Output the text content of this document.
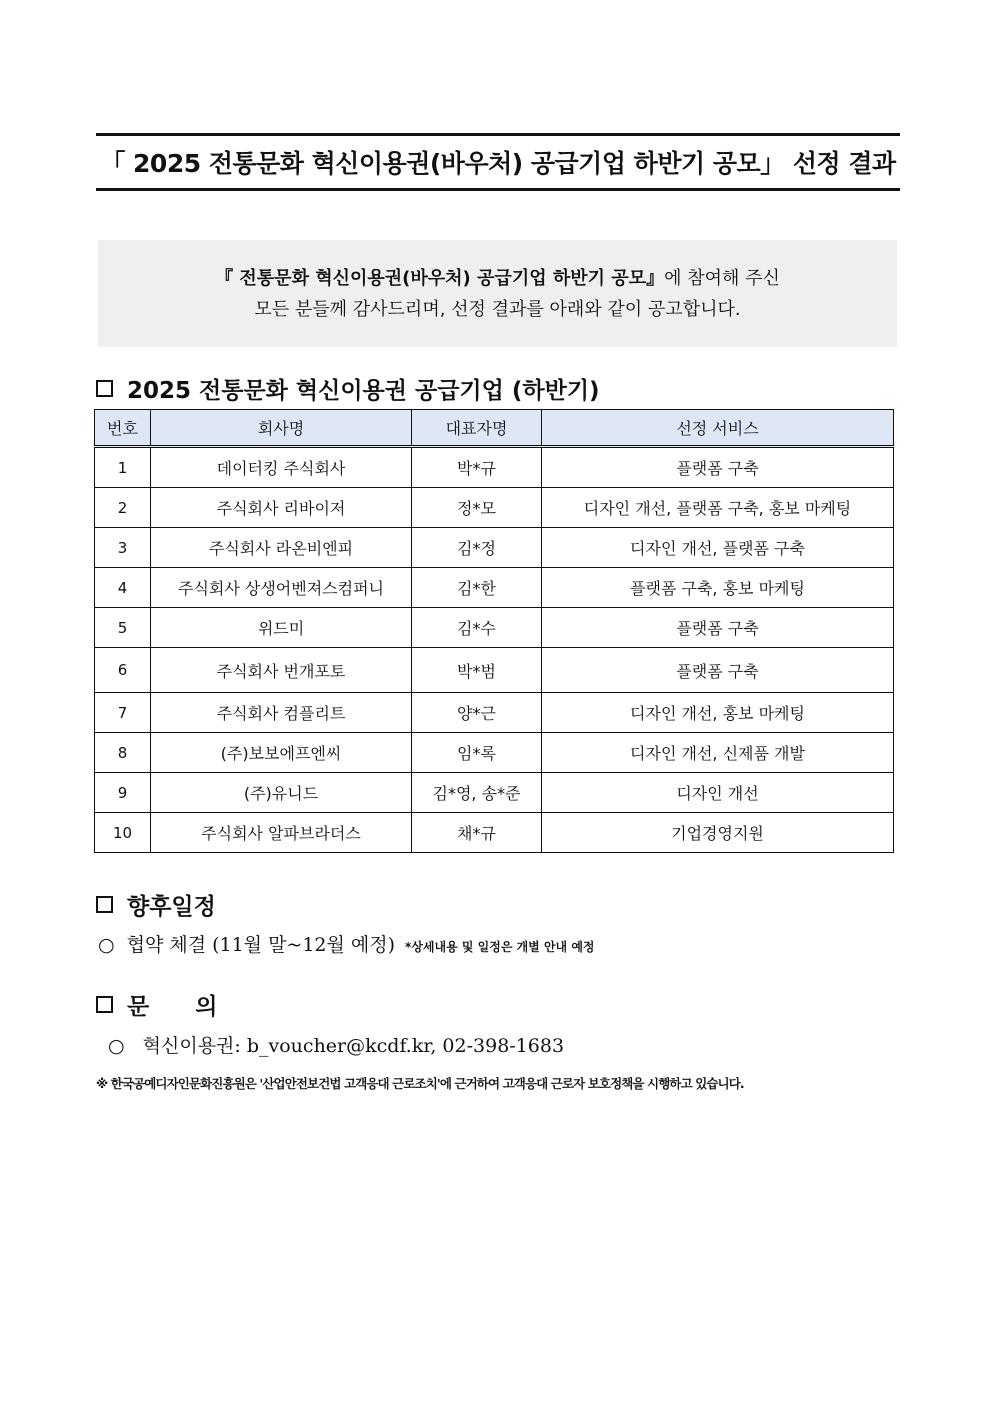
「 2025 전통문화 혁신이용권(바우처) 공급기업 하반기 공모」 선정 결과
『 전통문화 혁신이용권(바우처) 공급기업 하반기 공모』에 참여해 주신
모든 분들께 감사드리며, 선정 결과를 아래와 같이 공고합니다.
2025 전통문화 혁신이용권 공급기업 (하반기)
번호	회사명	대표자명	선정 서비스
1	데이터킹 주식회사	박*규	플랫폼 구축
2	주식회사 리바이저	정*모	디자인 개선, 플랫폼 구축, 홍보 마케팅
3	주식회사 라온비엔피	김*정	디자인 개선, 플랫폼 구축
4	주식회사 상생어벤져스컴퍼니	김*한	플랫폼 구축, 홍보 마케팅
5	위드미	김*수	플랫폼 구축
6	주식회사 번개포토	박*범	플랫폼 구축
7	주식회사 컴플리트	양*근	디자인 개선, 홍보 마케팅
8	(주)보보에프엔씨	임*록	디자인 개선, 신제품 개발
9	(주)유니드	김*영, 송*준	디자인 개선
10	주식회사 알파브라더스	채*규	기업경영지원
향후일정
○ 협약 체결 (11월 말~12월 예정) *상세내용 및 일정은 개별 안내 예정
문　　의
○ 혁신이용권: b_voucher@kcdf.kr, 02-398-1683
※ 한국공예디자인문화진흥원은 '산업안전보건법 고객응대 근로조치'에 근거하여 고객응대 근로자 보호정책을 시행하고 있습니다.
